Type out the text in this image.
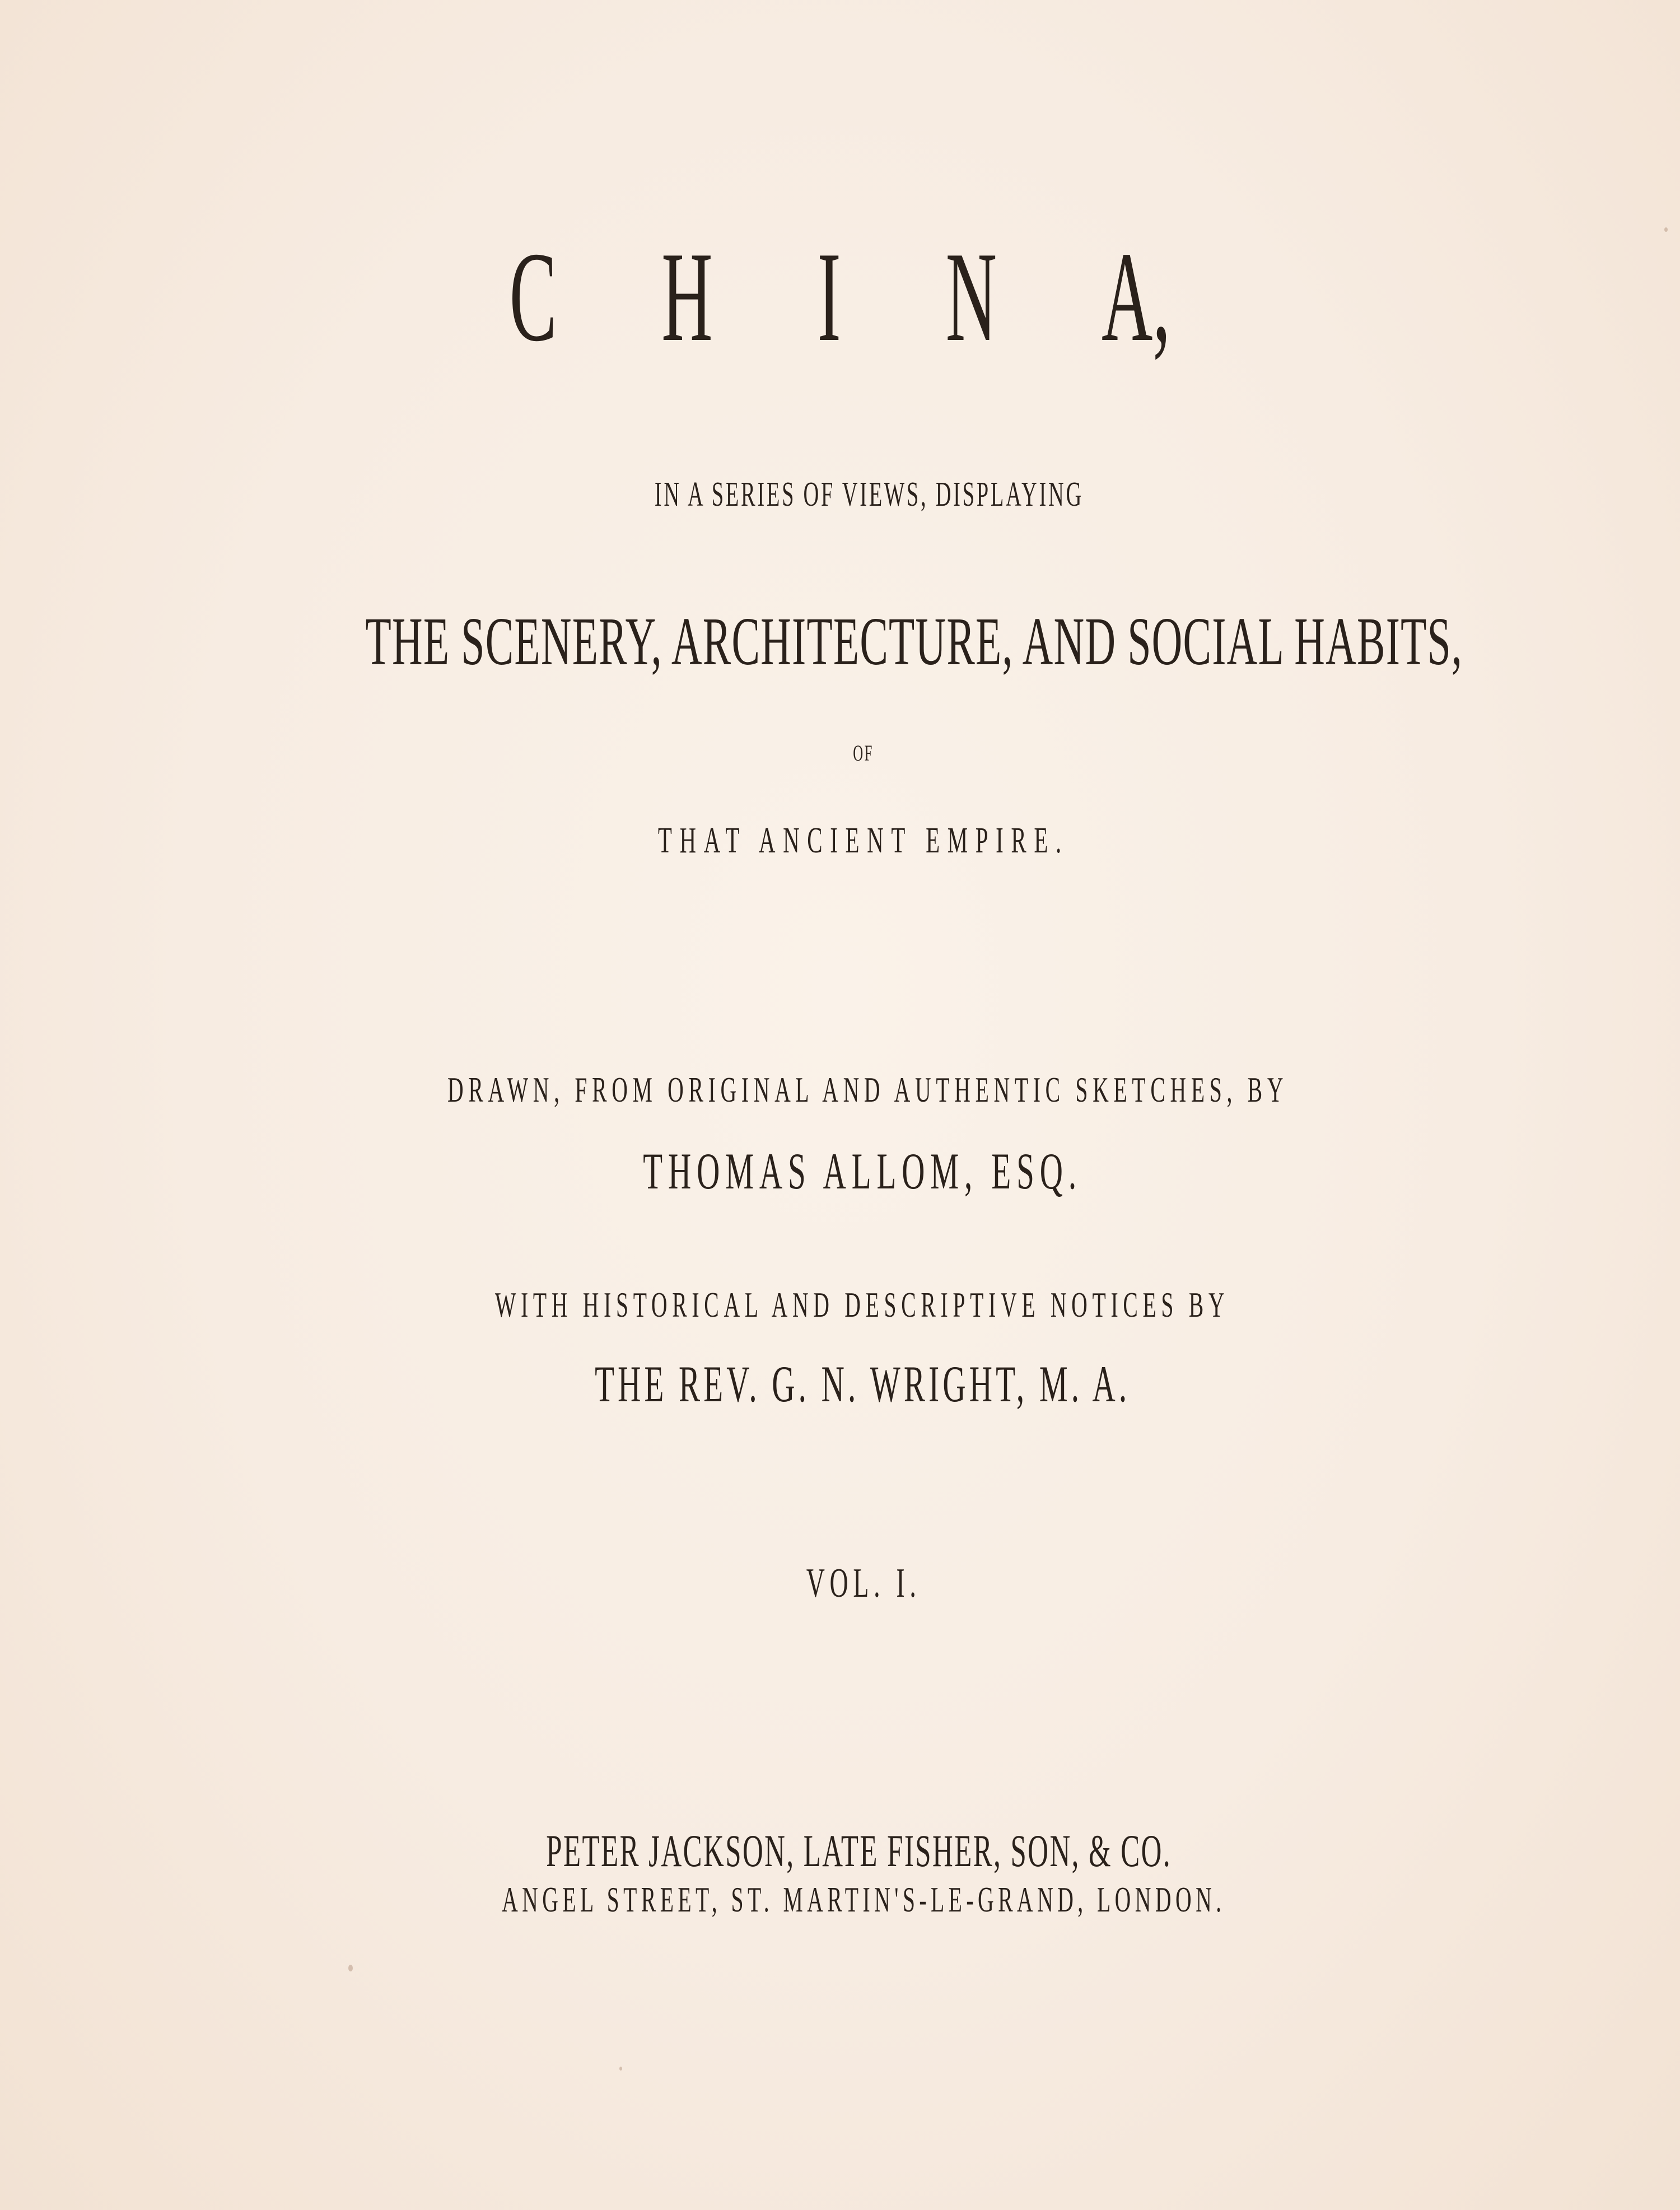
C H I N A,
IN A SERIES OF VIEWS, DISPLAYING
THE SCENERY, ARCHITECTURE, AND SOCIAL HABITS,
OF
THAT ANCIENT EMPIRE.
DRAWN, FROM ORIGINAL AND AUTHENTIC SKETCHES, BY
THOMAS ALLOM, ESQ.
WITH HISTORICAL AND DESCRIPTIVE NOTICES BY
THE REV. G. N. WRIGHT, M. A.
VOL. I.
PETER JACKSON, LATE FISHER, SON, & CO.
ANGEL STREET, ST. MARTIN'S-LE-GRAND, LONDON.
